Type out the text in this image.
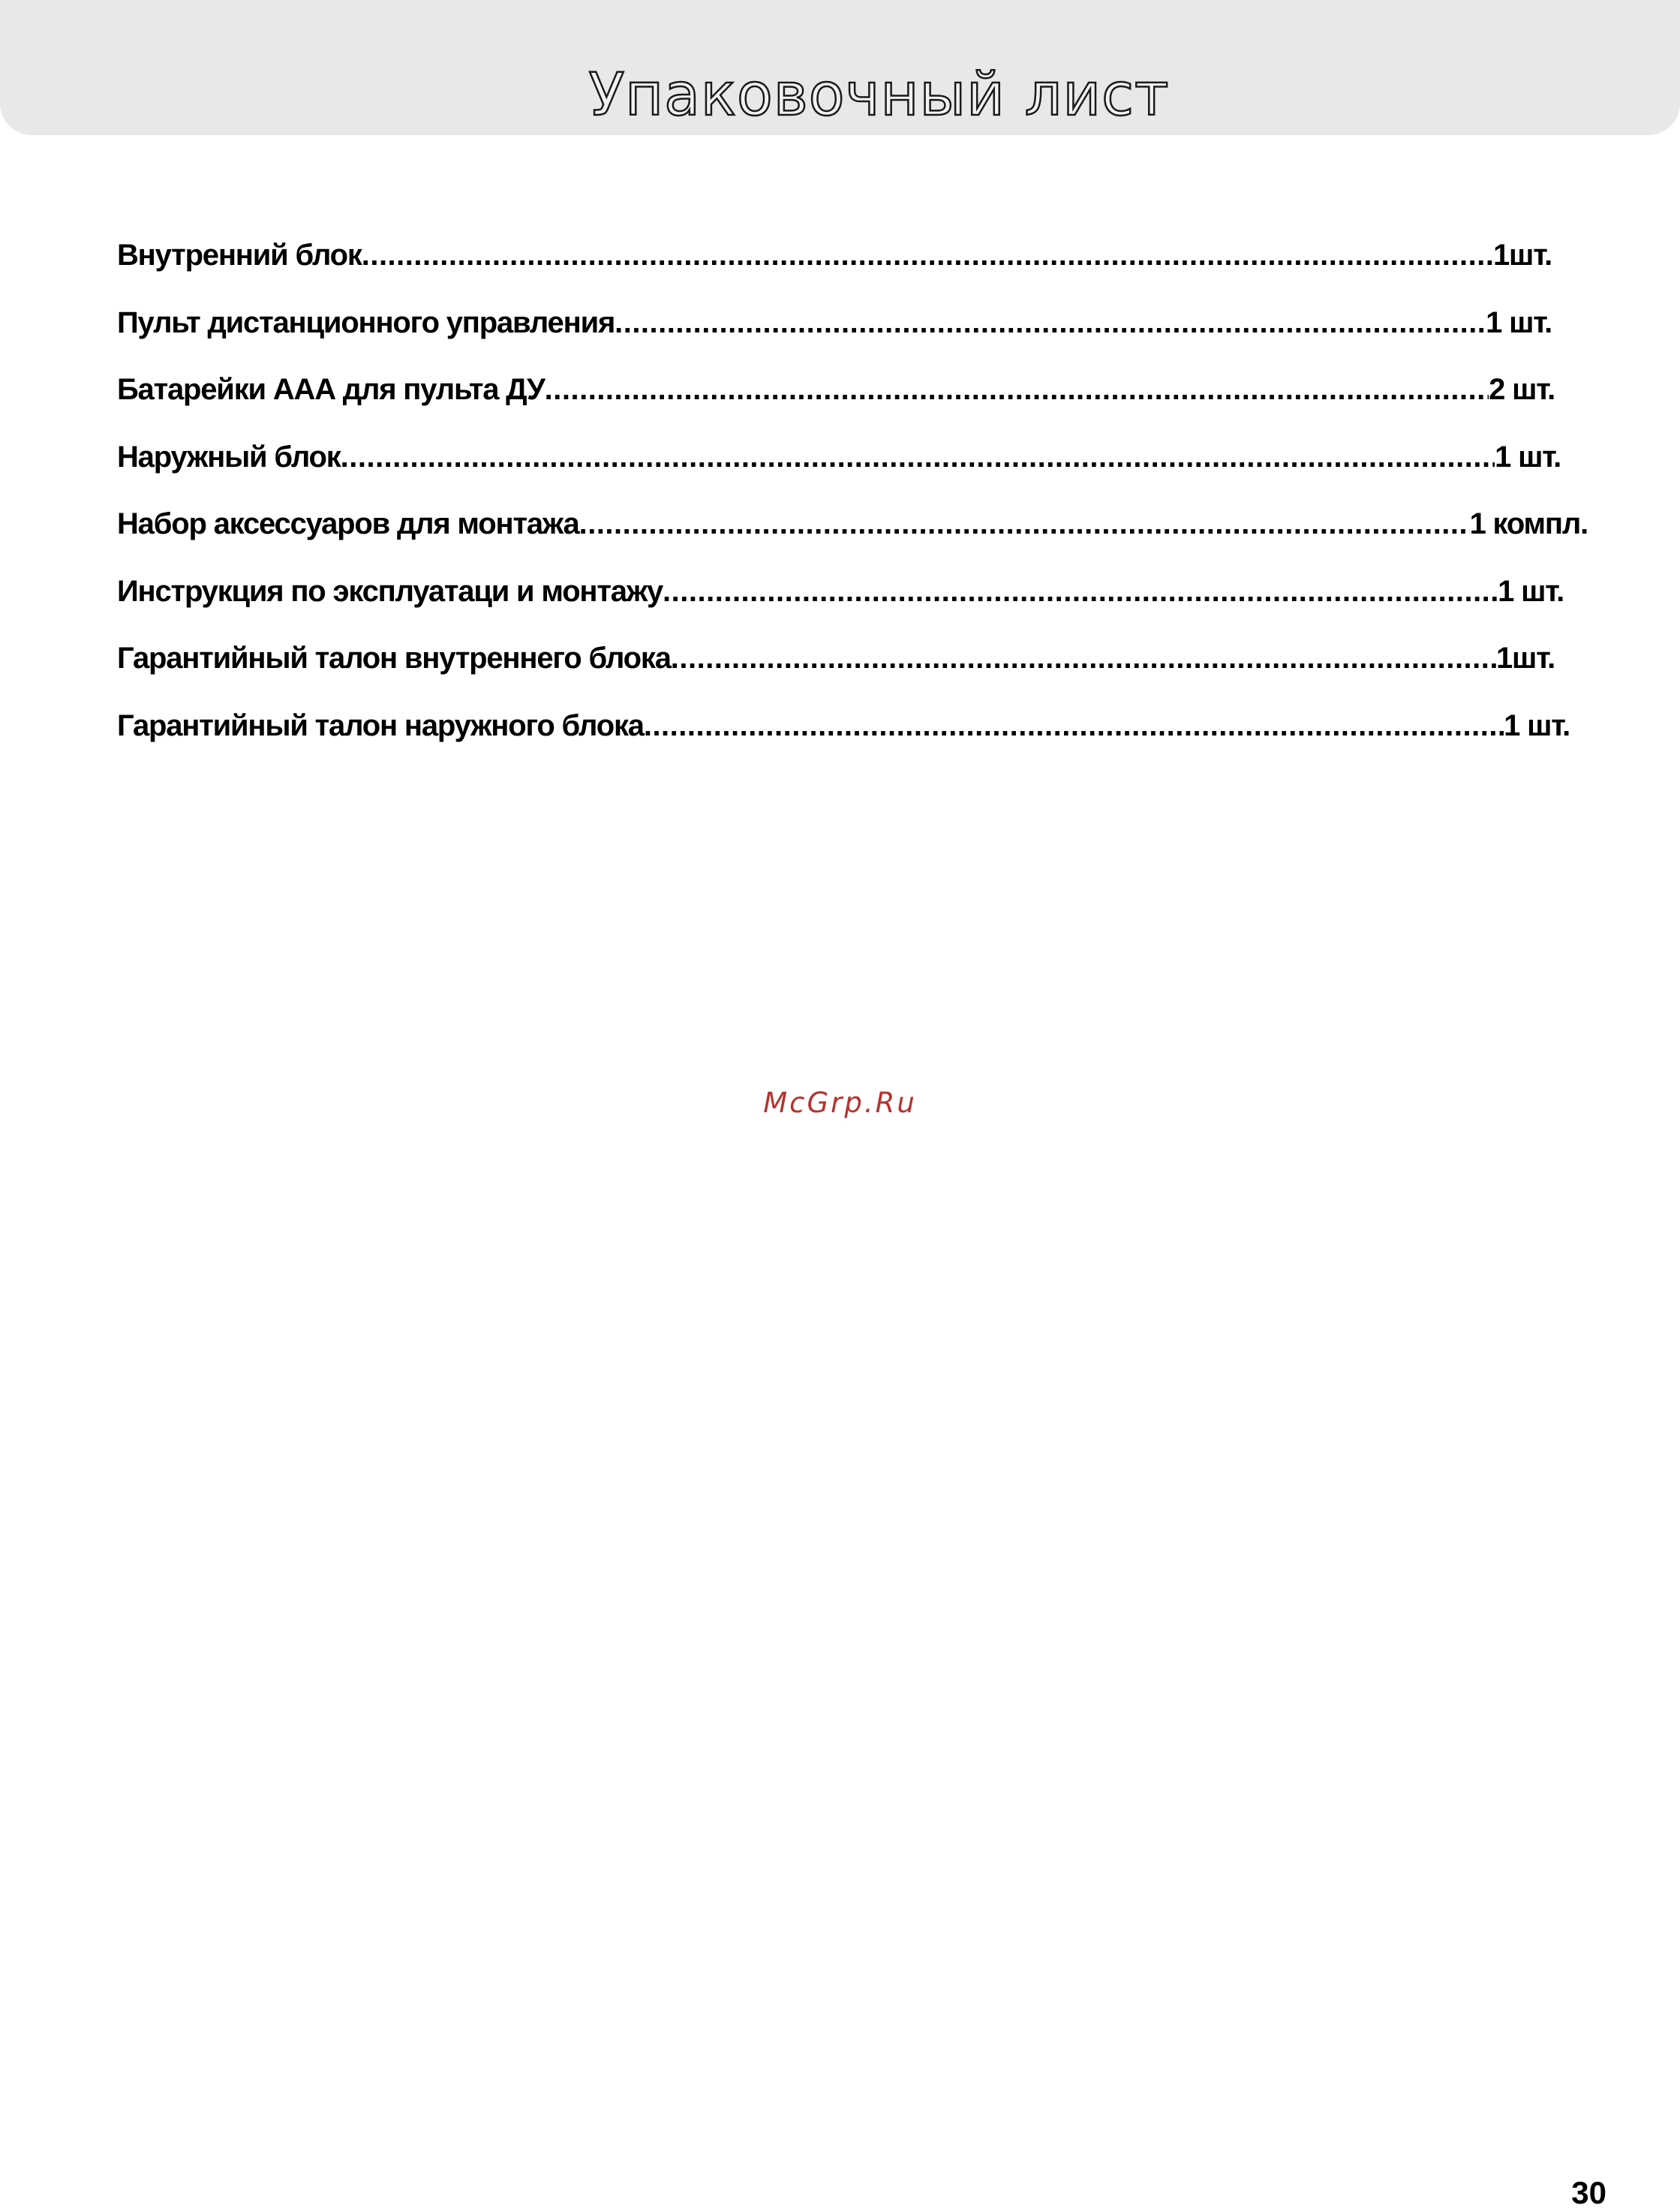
Упаковочный лист
Внутренний блок .....	1шт.
Пульт дистанционного управления .....	1 шт.
Батарейки ААА для пульта ДУ .....	2 шт.
Наружный блок .....	1 шт.
Набор аксессуаров для монтажа .....	1 компл.
Инструкция по эксплуатаци и монтажу .....	1 шт.
Гарантийный талон внутреннего блока .....	1шт.
Гарантийный талон наружного блока .....	1 шт.
McGrp.Ru
30
